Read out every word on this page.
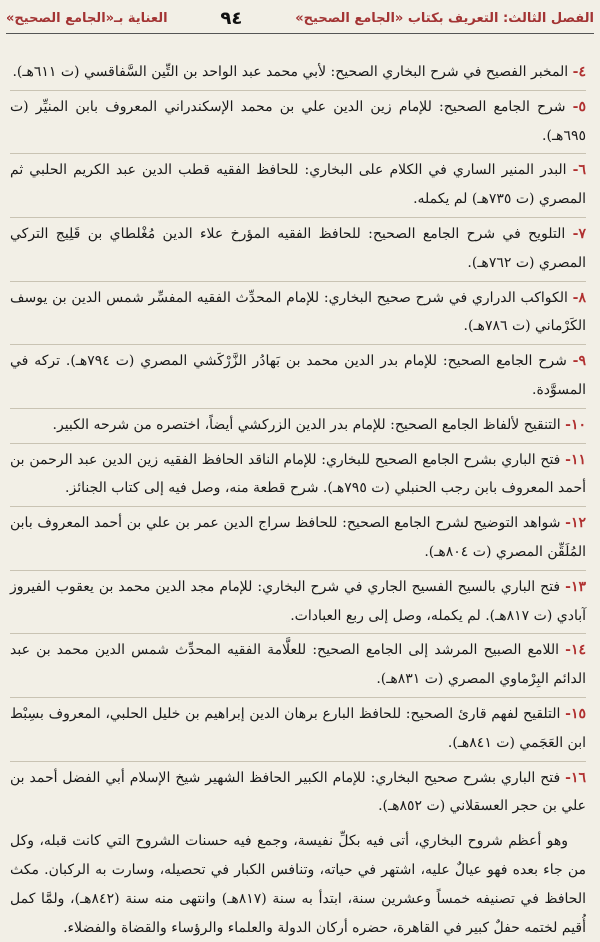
الفصل الثالث: التعريف بكتاب «الجامع الصحيح»
٩٤
العناية بـ«الجامع الصحيح»

٤- المخبر الفصيح في شرح البخاري الصحيح: لأبي محمد عبد الواحد بن التِّين السَّفاقسي (ت ٦١١هـ).

٥- شرح الجامع الصحيح: للإمام زين الدين علي بن محمد الإسكندراني المعروف بابن المنيِّر (ت ٦٩٥هـ).

٦- البدر المنير الساري في الكلام على البخاري: للحافظ الفقيه قطب الدين عبد الكريم الحلبي ثم المصري (ت ٧٣٥هـ) لم يكمله.

٧- التلويح في شرح الجامع الصحيح: للحافظ الفقيه المؤرخ علاء الدين مُغْلطاي بن قَلِيج التركي المصري (ت ٧٦٢هـ).

٨- الكواكب الدراري في شرح صحيح البخاري: للإمام المحدِّث الفقيه المفسِّر شمس الدين بن يوسف الكَرْماني (ت ٧٨٦هـ).

٩- شرح الجامع الصحيح: للإمام بدر الدين محمد بن بَهادُر الزَّرْكَشي المصري (ت ٧٩٤هـ). تركه في المسوَّدة.

١٠- التنقيح لألفاظ الجامع الصحيح: للإمام بدر الدين الزركشي أيضاً، اختصره من شرحه الكبير.

١١- فتح الباري بشرح الجامع الصحيح للبخاري: للإمام الناقد الحافظ الفقيه زين الدين عبد الرحمن بن أحمد المعروف بابن رجب الحنبلي (ت ٧٩٥هـ). شرح قطعة منه، وصل فيه إلى كتاب الجنائز.

١٢- شواهد التوضيح لشرح الجامع الصحيح: للحافظ سراج الدين عمر بن علي بن أحمد المعروف بابن المُلَقِّن المصري (ت ٨٠٤هـ).

١٣- فتح الباري بالسيح الفسيح الجاري في شرح البخاري: للإمام مجد الدين محمد بن يعقوب الفيروز آبادي (ت ٨١٧هـ). لم يكمله، وصل إلى ربع العبادات.

١٤- اللامع الصبيح المرشد إلى الجامع الصحيح: للعلَّامة الفقيه المحدِّث شمس الدين محمد بن عبد الدائم البِرْماوي المصري (ت ٨٣١هـ).

١٥- التلقيح لفهم قارئ الصحيح: للحافظ البارع برهان الدين إبراهيم بن خليل الحلبي، المعروف بسِبْط ابن العَجَمي (ت ٨٤١هـ).

١٦- فتح الباري بشرح صحيح البخاري: للإمام الكبير الحافظ الشهير شيخ الإسلام أبي الفضل أحمد بن علي بن حجر العسقلاني (ت ٨٥٢هـ).

وهو أعظم شروح البخاري، أتى فيه بكلِّ نفيسة، وجمع فيه حسنات الشروح التي كانت قبله، وكل من جاء بعده فهو عيالٌ عليه، اشتهر في حياته، وتنافس الكبار في تحصيله، وسارت به الركبان. مكث الحافظ في تصنيفه خمساً وعشرين سنة، ابتدأ به سنة (٨١٧هـ) وانتهى منه سنة (٨٤٢هـ)، ولمَّا كمل أُقيم لختمه حفلٌ كبير في القاهرة، حضره أركان الدولة والعلماء والرؤساء والقضاة والفضلاء.
